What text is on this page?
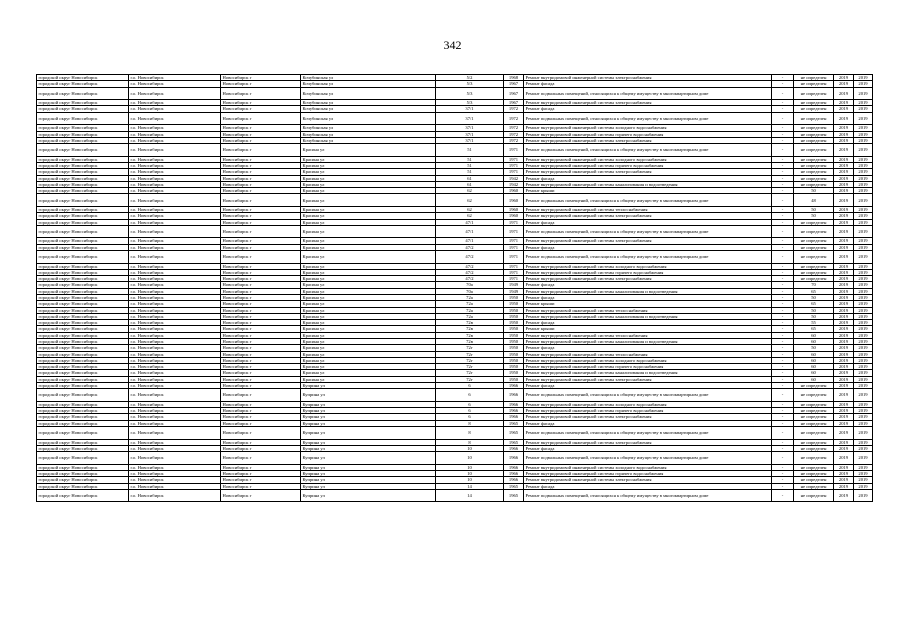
342
городской округ Новосибирск	г.о. Новосибирск	Новосибирск г	Кочубинская ул	5/2	1968	Ремонт внутридомовой инженерной системы электроснабжения	-	не определен	2019	2019
городской округ Новосибирск	г.о. Новосибирск	Новосибирск г	Кочубинская ул	5/3	1967	Ремонт фасада	-	не определен	2019	2019
городской округ Новосибирск	г.о. Новосибирск	Новосибирск г	Кочубинская ул	5/3	1967	Ремонт подвальных помещений, относящихся к общему имуществу в многоквартирном доме	-	не определен	2019	2019
городской округ Новосибирск	г.о. Новосибирск	Новосибирск г	Кочубинская ул	5/3	1967	Ремонт внутридомовой инженерной системы электроснабжения	-	не определен	2019	2019
городской округ Новосибирск	г.о. Новосибирск	Новосибирск г	Кочубинская ул	37/1	1972	Ремонт фасада	-	не определен	2019	2019
городской округ Новосибирск	г.о. Новосибирск	Новосибирск г	Кочубинская ул	37/1	1972	Ремонт подвальных помещений, относящихся к общему имуществу в многоквартирном доме	-	не определен	2019	2019
городской округ Новосибирск	г.о. Новосибирск	Новосибирск г	Кочубинская ул	37/1	1972	Ремонт внутридомовой инженерной системы холодного водоснабжения	-	не определен	2019	2019
городской округ Новосибирск	г.о. Новосибирск	Новосибирск г	Кочубинская ул	37/1	1972	Ремонт внутридомовой инженерной системы горячего водоснабжения	-	не определен	2019	2019
городской округ Новосибирск	г.о. Новосибирск	Новосибирск г	Кочубинская ул	37/1	1972	Ремонт внутридомовой инженерной системы электроснабжения	-	не определен	2019	2019
городской округ Новосибирск	г.о. Новосибирск	Новосибирск г	Красина ул	51	1971	Ремонт подвальных помещений, относящихся к общему имуществу в многоквартирном доме	-	не определен	2019	2019
городской округ Новосибирск	г.о. Новосибирск	Новосибирск г	Красина ул	51	1971	Ремонт внутридомовой инженерной системы холодного водоснабжения	-	не определен	2019	2019
городской округ Новосибирск	г.о. Новосибирск	Новосибирск г	Красина ул	51	1971	Ремонт внутридомовой инженерной системы горячего водоснабжения	-	не определен	2019	2019
городской округ Новосибирск	г.о. Новосибирск	Новосибирск г	Красина ул	51	1971	Ремонт внутридомовой инженерной системы электроснабжения	-	не определен	2019	2019
городской округ Новосибирск	г.о. Новосибирск	Новосибирск г	Красина ул	61	1942	Ремонт фасада	-	не определен	2019	2019
городской округ Новосибирск	г.о. Новосибирск	Новосибирск г	Красина ул	61	1942	Ремонт внутридомовой инженерной системы канализования и водоотведения	-	не определен	2019	2019
городской округ Новосибирск	г.о. Новосибирск	Новосибирск г	Красина ул	62	1960	Ремонт крыши	-	50	2019	2019
городской округ Новосибирск	г.о. Новосибирск	Новосибирск г	Красина ул	62	1960	Ремонт подвальных помещений, относящихся к общему имуществу в многоквартирном доме	-	48	2019	2019
городской округ Новосибирск	г.о. Новосибирск	Новосибирск г	Красина ул	62	1960	Ремонт внутридомовой инженерной системы теплоснабжения	-	50	2019	2019
городской округ Новосибирск	г.о. Новосибирск	Новосибирск г	Красина ул	62	1960	Ремонт внутридомовой инженерной системы электроснабжения	-	50	2019	2019
городской округ Новосибирск	г.о. Новосибирск	Новосибирск г	Красина ул	47/1	1971	Ремонт фасада	-	не определен	2019	2019
городской округ Новосибирск	г.о. Новосибирск	Новосибирск г	Красина ул	47/1	1971	Ремонт подвальных помещений, относящихся к общему имуществу в многоквартирном доме	-	не определен	2019	2019
городской округ Новосибирск	г.о. Новосибирск	Новосибирск г	Красина ул	47/1	1971	Ремонт внутридомовой инженерной системы электроснабжения	-	не определен	2019	2019
городской округ Новосибирск	г.о. Новосибирск	Новосибирск г	Красина ул	47/2	1971	Ремонт фасада	-	не определен	2019	2019
городской округ Новосибирск	г.о. Новосибирск	Новосибирск г	Красина ул	47/2	1971	Ремонт подвальных помещений, относящихся к общему имуществу в многоквартирном доме	-	не определен	2019	2019
городской округ Новосибирск	г.о. Новосибирск	Новосибирск г	Красина ул	47/2	1971	Ремонт внутридомовой инженерной системы холодного водоснабжения	-	не определен	2019	2019
городской округ Новосибирск	г.о. Новосибирск	Новосибирск г	Красина ул	47/2	1971	Ремонт внутридомовой инженерной системы горячего водоснабжения	-	не определен	2019	2019
городской округ Новосибирск	г.о. Новосибирск	Новосибирск г	Красина ул	47/2	1971	Ремонт внутридомовой инженерной системы электроснабжения	-	не определен	2019	2019
городской округ Новосибирск	г.о. Новосибирск	Новосибирск г	Красина ул	70а	1949	Ремонт фасада	-	70	2019	2019
городской округ Новосибирск	г.о. Новосибирск	Новосибирск г	Красина ул	70а	1949	Ремонт внутридомовой инженерной системы канализования и водоотведения	-	65	2019	2019
городской округ Новосибирск	г.о. Новосибирск	Новосибирск г	Красина ул	72а	1950	Ремонт фасада	-	50	2019	2019
городской округ Новосибирск	г.о. Новосибирск	Новосибирск г	Красина ул	72а	1950	Ремонт крыши	-	65	2019	2019
городской округ Новосибирск	г.о. Новосибирск	Новосибирск г	Красина ул	72а	1950	Ремонт внутридомовой инженерной системы теплоснабжения	-	50	2019	2019
городской округ Новосибирск	г.о. Новосибирск	Новосибирск г	Красина ул	72а	1950	Ремонт внутридомовой инженерной системы канализования и водоотведения	-	50	2019	2019
городской округ Новосибирск	г.о. Новосибирск	Новосибирск г	Красина ул	72в	1950	Ремонт фасада	-	55	2019	2019
городской округ Новосибирск	г.о. Новосибирск	Новосибирск г	Красина ул	72в	1950	Ремонт крыши	-	65	2019	2019
городской округ Новосибирск	г.о. Новосибирск	Новосибирск г	Красина ул	72в	1950	Ремонт внутридомовой инженерной системы теплоснабжения	-	60	2019	2019
городской округ Новосибирск	г.о. Новосибирск	Новосибирск г	Красина ул	72в	1950	Ремонт внутридомовой инженерной системы канализования и водоотведения	-	60	2019	2019
городской округ Новосибирск	г.о. Новосибирск	Новосибирск г	Красина ул	72г	1950	Ремонт фасада	-	50	2019	2019
городской округ Новосибирск	г.о. Новосибирск	Новосибирск г	Красина ул	72г	1950	Ремонт внутридомовой инженерной системы теплоснабжения	-	60	2019	2019
городской округ Новосибирск	г.о. Новосибирск	Новосибирск г	Красина ул	72г	1950	Ремонт внутридомовой инженерной системы холодного водоснабжения	-	60	2019	2019
городской округ Новосибирск	г.о. Новосибирск	Новосибирск г	Красина ул	72г	1950	Ремонт внутридомовой инженерной системы горячего водоснабжения	-	60	2019	2019
городской округ Новосибирск	г.о. Новосибирск	Новосибирск г	Красина ул	72г	1950	Ремонт внутридомовой инженерной системы канализования и водоотведения	-	60	2019	2019
городской округ Новосибирск	г.о. Новосибирск	Новосибирск г	Красина ул	72г	1950	Ремонт внутридомовой инженерной системы электроснабжения	-	60	2019	2019
городской округ Новосибирск	г.о. Новосибирск	Новосибирск г	Куприна ул	6	1966	Ремонт фасада	-	не определен	2019	2019
городской округ Новосибирск	г.о. Новосибирск	Новосибирск г	Куприна ул	6	1966	Ремонт подвальных помещений, относящихся к общему имуществу в многоквартирном доме	-	не определен	2019	2019
городской округ Новосибирск	г.о. Новосибирск	Новосибирск г	Куприна ул	6	1966	Ремонт внутридомовой инженерной системы холодного водоснабжения	-	не определен	2019	2019
городской округ Новосибирск	г.о. Новосибирск	Новосибирск г	Куприна ул	6	1966	Ремонт внутридомовой инженерной системы горячего водоснабжения	-	не определен	2019	2019
городской округ Новосибирск	г.о. Новосибирск	Новосибирск г	Куприна ул	6	1966	Ремонт внутридомовой инженерной системы электроснабжения	-	не определен	2019	2019
городской округ Новосибирск	г.о. Новосибирск	Новосибирск г	Куприна ул	8	1965	Ремонт фасада	-	не определен	2019	2019
городской округ Новосибирск	г.о. Новосибирск	Новосибирск г	Куприна ул	8	1965	Ремонт подвальных помещений, относящихся к общему имуществу в многоквартирном доме	-	не определен	2019	2019
городской округ Новосибирск	г.о. Новосибирск	Новосибирск г	Куприна ул	8	1965	Ремонт внутридомовой инженерной системы электроснабжения	-	не определен	2019	2019
городской округ Новосибирск	г.о. Новосибирск	Новосибирск г	Куприна ул	10	1966	Ремонт фасада	-	не определен	2019	2019
городской округ Новосибирск	г.о. Новосибирск	Новосибирск г	Куприна ул	10	1966	Ремонт подвальных помещений, относящихся к общему имуществу в многоквартирном доме	-	не определен	2019	2019
городской округ Новосибирск	г.о. Новосибирск	Новосибирск г	Куприна ул	10	1966	Ремонт внутридомовой инженерной системы холодного водоснабжения	-	не определен	2019	2019
городской округ Новосибирск	г.о. Новосибирск	Новосибирск г	Куприна ул	10	1966	Ремонт внутридомовой инженерной системы горячего водоснабжения	-	не определен	2019	2019
городской округ Новосибирск	г.о. Новосибирск	Новосибирск г	Куприна ул	10	1966	Ремонт внутридомовой инженерной системы электроснабжения	-	не определен	2019	2019
городской округ Новосибирск	г.о. Новосибирск	Новосибирск г	Куприна ул	14	1965	Ремонт фасада	-	не определен	2019	2019
городской округ Новосибирск	г.о. Новосибирск	Новосибирск г	Куприна ул	14	1965	Ремонт подвальных помещений, относящихся к общему имуществу в многоквартирном доме	-	не определен	2019	2019
